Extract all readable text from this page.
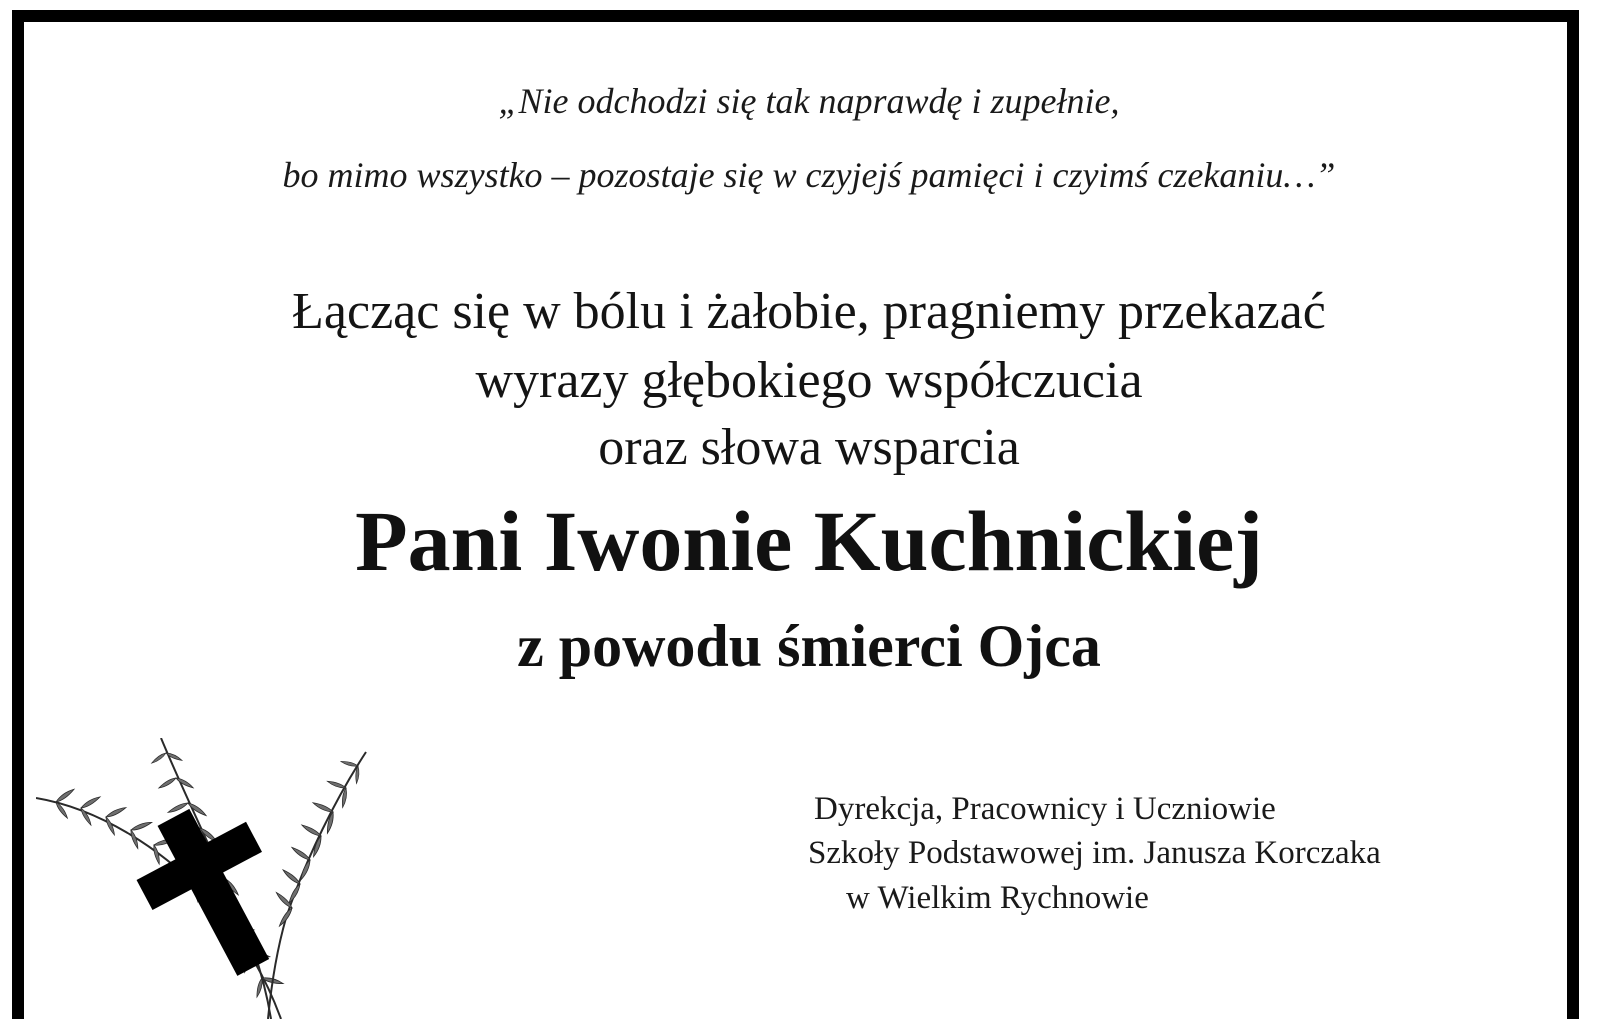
„Nie odchodzi się tak naprawdę i zupełnie,
bo mimo wszystko – pozostaje się w czyjejś pamięci i czyimś czekaniu…”
Łącząc się w bólu i żałobie, pragniemy przekazać
wyrazy głębokiego współczucia
oraz słowa wsparcia
Pani Iwonie Kuchnickiej
z powodu śmierci Ojca
Dyrekcja, Pracownicy i Uczniowie
Szkoły Podstawowej im. Janusza Korczaka
w Wielkim Rychnowie
